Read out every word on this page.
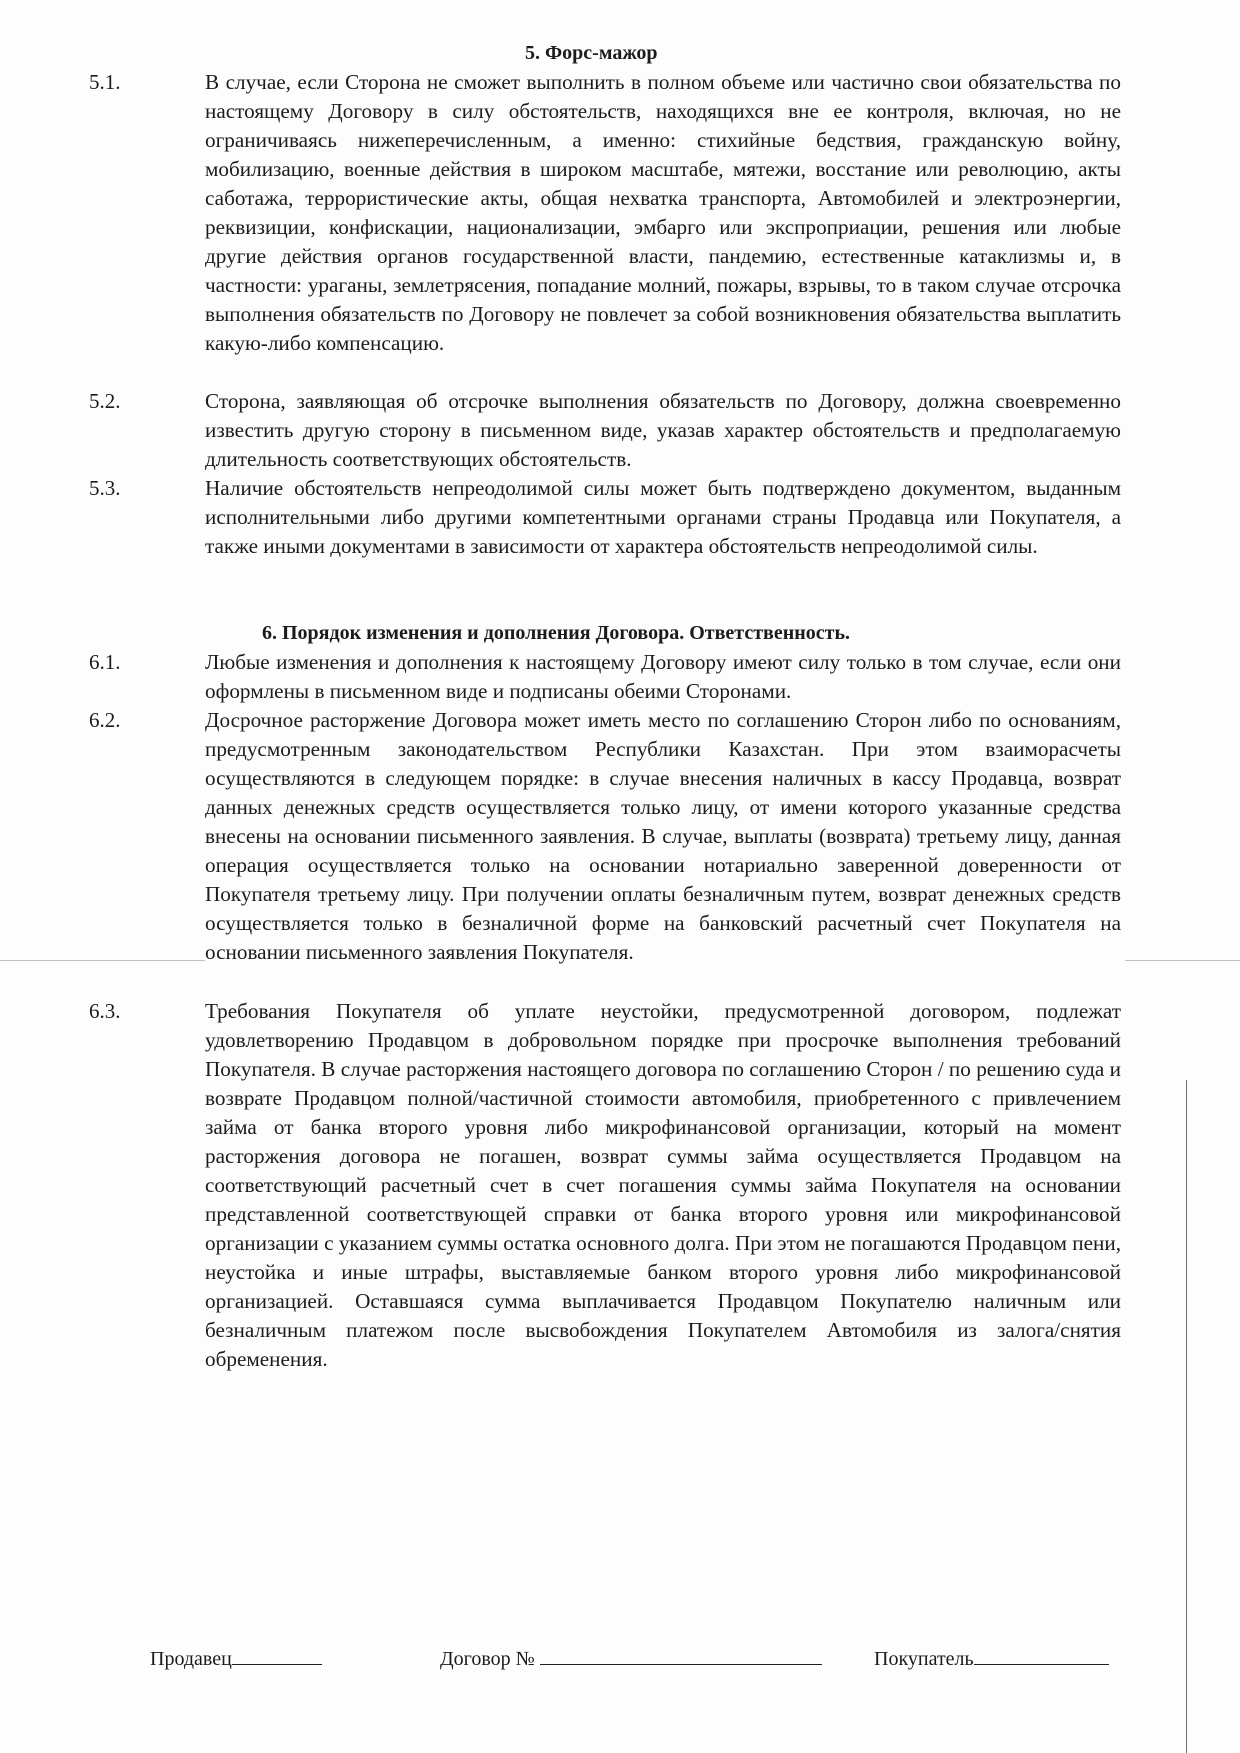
5. Форс-мажор
5.1.	В случае, если Сторона не сможет выполнить в полном объеме или частично свои обязательства по настоящему Договору в силу обстоятельств, находящихся вне ее контроля, включая, но не ограничиваясь нижеперечисленным, а именно: стихийные бедствия, гражданскую войну, мобилизацию, военные действия в широком масштабе, мятежи, восстание или революцию, акты саботажа, террористические акты, общая нехватка транспорта, Автомобилей и электроэнергии, реквизиции, конфискации, национализации, эмбарго или экспроприации, решения или любые другие действия органов государственной власти, пандемию, естественные катаклизмы и, в частности: ураганы, землетрясения, попадание молний, пожары, взрывы, то в таком случае отсрочка выполнения обязательств по Договору не повлечет за собой возникновения обязательства выплатить какую-либо компенсацию.

5.2.	Сторона, заявляющая об отсрочке выполнения обязательств по Договору, должна своевременно известить другую сторону в письменном виде, указав характер обстоятельств и предполагаемую длительность соответствующих обстоятельств.

5.3.	Наличие обстоятельств непреодолимой силы может быть подтверждено документом, выданным исполнительными либо другими компетентными органами страны Продавца или Покупателя, а также иными документами в зависимости от характера обстоятельств непреодолимой силы.

6. Порядок изменения и дополнения Договора. Ответственность.
6.1.	Любые изменения и дополнения к настоящему Договору имеют силу только в том случае, если они оформлены в письменном виде и подписаны обеими Сторонами.

6.2.	Досрочное расторжение Договора может иметь место по соглашению Сторон либо по основаниям, предусмотренным законодательством Республики Казахстан. При этом взаиморасчеты осуществляются в следующем порядке: в случае внесения наличных в кассу Продавца, возврат данных денежных средств осуществляется только лицу, от имени которого указанные средства внесены на основании письменного заявления. В случае, выплаты (возврата) третьему лицу, данная операция осуществляется только на основании нотариально заверенной доверенности от Покупателя третьему лицу. При получении оплаты безналичным путем, возврат денежных средств осуществляется только в безналичной форме на банковский расчетный счет Покупателя на основании письменного заявления Покупателя.

6.3.	Требования Покупателя об уплате неустойки, предусмотренной договором, подлежат удовлетворению Продавцом в добровольном порядке при просрочке выполнения требований Покупателя. В случае расторжения настоящего договора по соглашению Сторон / по решению суда и возврате Продавцом полной/частичной стоимости автомобиля, приобретенного с привлечением займа от банка второго уровня либо микрофинансовой организации, который на момент расторжения договора не погашен, возврат суммы займа осуществляется Продавцом на соответствующий расчетный счет в счет погашения суммы займа Покупателя на основании представленной соответствующей справки от банка второго уровня или микрофинансовой организации с указанием суммы остатка основного долга. При этом не погашаются Продавцом пени, неустойка и иные штрафы, выставляемые банком второго уровня либо микрофинансовой организацией. Оставшаяся сумма выплачивается Продавцом Покупателю наличным или безналичным платежом после высвобождения Покупателем Автомобиля из залога/снятия обременения.

Продавец	Договор №	Покупатель
